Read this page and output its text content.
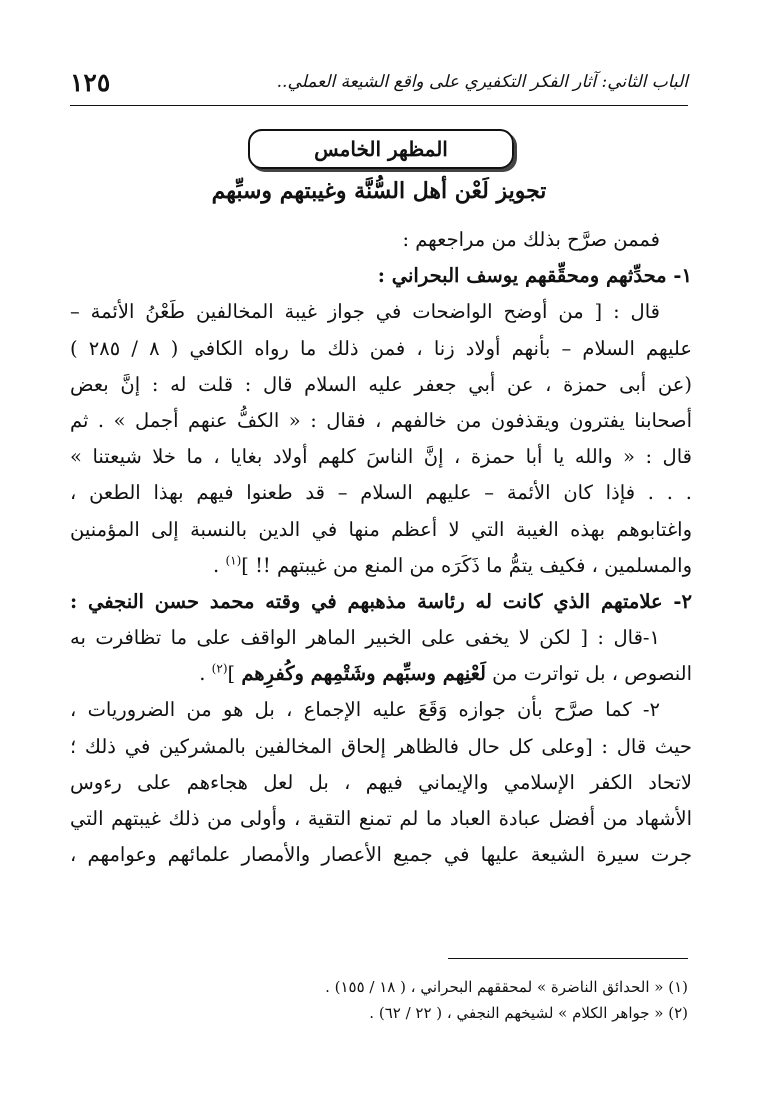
الباب الثاني: آثار الفكر التكفيري على واقع الشيعة العملي..
١٢٥
المظهر الخامس
تجويز لَعْن أهل السُّنَّة وغيبتهم وسبِّهم
فممن صرَّح بذلك من مراجعهم :
١- محدِّثهم ومحقِّقهم يوسف البحراني :
قال : [ من أوضح الواضحات في جواز غيبة المخالفين طَعْنُ الأئمة –
عليهم السلام – بأنهم أولاد زنا ، فمن ذلك ما رواه الكافي ( ٨ / ٢٨٥ )
(عن أبى حمزة ، عن أبي جعفر عليه السلام قال : قلت له : إنَّ بعض
أصحابنا يفترون ويقذفون من خالفهم ، فقال : « الكفُّ عنهم أجمل » . ثم
قال : « والله يا أبا حمزة ، إنَّ الناسَ كلهم أولاد بغايا ، ما خلا شيعتنا »
. . . فإذا كان الأئمة – عليهم السلام – قد طعنوا فيهم بهذا الطعن ،
واغتابوهم بهذه الغيبة التي لا أعظم منها في الدين بالنسبة إلى المؤمنين
والمسلمين ، فكيف يتمُّ ما ذَكَرَه من المنع من غيبتهم !! ]$^{(١)}$ .
٢- علامتهم الذي كانت له رئاسة مذهبهم في وقته محمد حسن النجفي :
١-قال : [ لكن لا يخفى على الخبير الماهر الواقف على ما تظافرت به
النصوص ، بل تواترت من لَعْنِهم وسبِّهم وشَتْمِهم وكُفرِهم ]$^{(٢)}$ .
٢- كما صرَّح بأن جوازه وَقَعَ عليه الإجماع ، بل هو من الضروريات ،
حيث قال : [وعلى كل حال فالظاهر إلحاق المخالفين بالمشركين في ذلك ؛
لاتحاد الكفر الإسلامي والإيماني فيهم ، بل لعل هجاءهم على رءوس
الأشهاد من أفضل عبادة العباد ما لم تمنع التقية ، وأولى من ذلك غيبتهم التي
جرت سيرة الشيعة عليها في جميع الأعصار والأمصار علمائهم وعوامهم ،
(١) « الحدائق الناضرة » لمحققهم البحراني ، ( ١٨ / ١٥٥) .
(٢) « جواهر الكلام » لشيخهم النجفي ، ( ٢٢ / ٦٢) .
